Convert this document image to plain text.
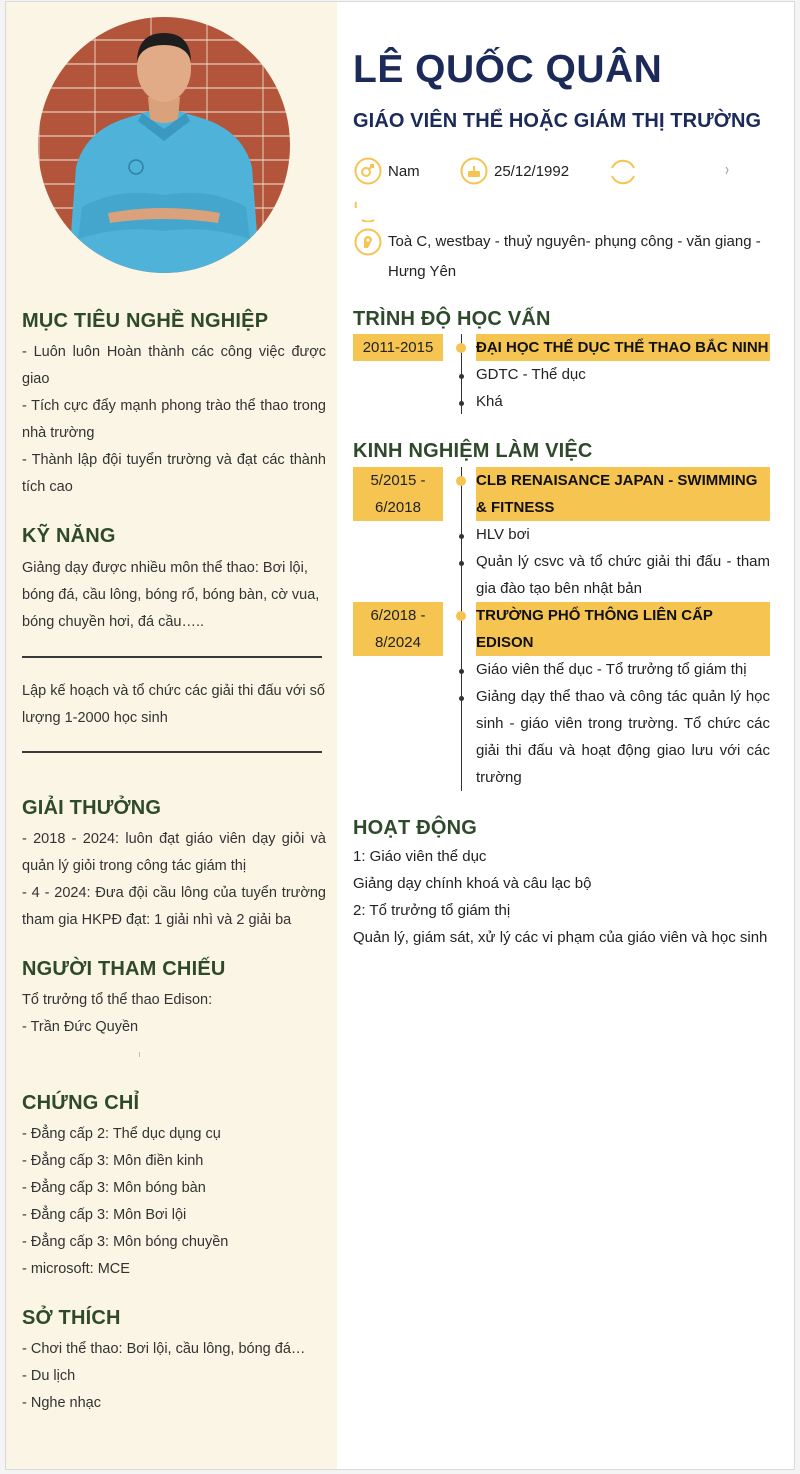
MỤC TIÊU NGHỀ NGHIỆP

- Luôn luôn Hoàn thành các công việc được giao

- Tích cực đẩy mạnh phong trào thể thao trong nhà trường

- Thành lập đội tuyển trường và đạt các thành tích cao

KỸ NĂNG
Giảng dạy được nhiều môn thể thao: Bơi lội, bóng đá, cầu lông, bóng rổ, bóng bàn, cờ vua, bóng chuyền hơi, đá cầu…..
Lập kế hoạch và tổ chức các giải thi đấu với số lượng 1-2000 học sinh
GIẢI THƯỞNG

- 2018 - 2024: luôn đạt giáo viên dạy giỏi và quản lý giỏi trong công tác giám thị

- 4 - 2024: Đưa đội cầu lông của tuyển trường tham gia HKPĐ đạt: 1 giải nhì và 2 giải ba

NGƯỜI THAM CHIẾU

Tổ trưởng tổ thể thao Edison:

- Trần Đức Quyền

CHỨNG CHỈ

- Đẳng cấp 2: Thể dục dụng cụ

- Đẳng cấp 3: Môn điền kinh

- Đẳng cấp 3: Môn bóng bàn

- Đẳng cấp 3: Môn Bơi lội

- Đẳng cấp 3: Môn bóng chuyền

- microsoft: MCE

SỞ THÍCH

- Chơi thể thao: Bơi lội, cầu lông, bóng đá…

- Du lịch

- Nghe nhạc

LÊ QUỐC QUÂN
GIÁO VIÊN THỂ HOẶC GIÁM THỊ TRƯỜNG
Nam	25/12/1992
Toà C, westbay - thuỷ nguyên- phụng công - văn giang -
Hưng Yên
TRÌNH ĐỘ HỌC VẤN
2011-2015	ĐẠI HỌC THỂ DỤC THỂ THAO BẮC NINH
GDTC - Thể dục
Khá
KINH NGHIỆM LÀM VIỆC
5/2015 -
6/2018
CLB RENAISANCE JAPAN - SWIMMING
& FITNESS
HLV bơi
Quản lý csvc và tổ chức giải thi đấu - tham gia đào tạo bên nhật bản
6/2018 -
8/2024
TRƯỜNG PHỔ THÔNG LIÊN CẤP
EDISON
Giáo viên thể dục - Tổ trưởng tổ giám thị
Giảng dạy thể thao và công tác quản lý học sinh - giáo viên trong trường. Tổ chức các giải thi đấu và hoạt động giao lưu với các trường
HOẠT ĐỘNG
1: Giáo viên thể dục
Giảng dạy chính khoá và câu lạc bộ
2: Tổ trưởng tổ giám thị
Quản lý, giám sát, xử lý các vi phạm của giáo viên và học sinh
